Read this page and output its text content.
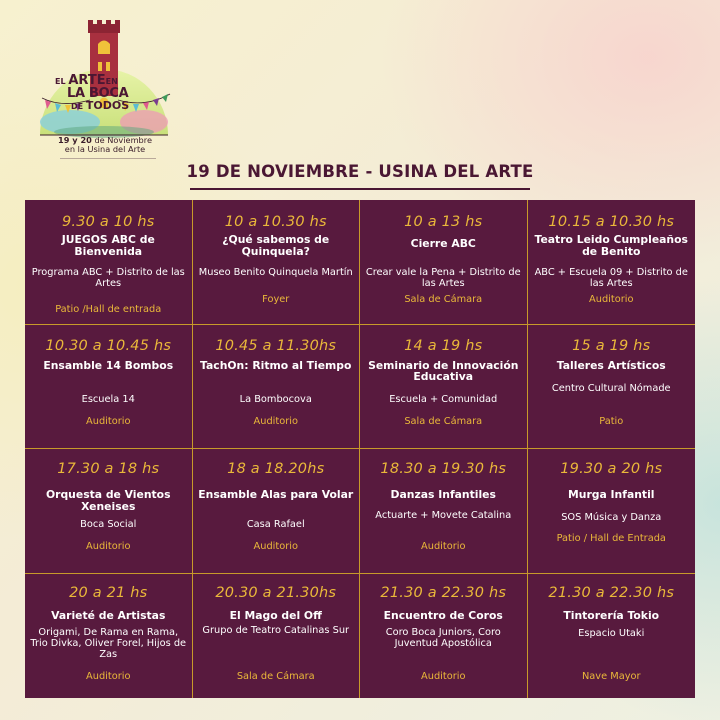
EL ARTEEN
LA BOCA
DE TODOS
19 y 20 de Noviembre
en la Usina del Arte
19 DE NOVIEMBRE - USINA DEL ARTE
9.30 a 10 hs
JUEGOS ABC de Bienvenida
Programa ABC + Distrito de las Artes
Patio /Hall de entrada
10 a 10.30 hs
¿Qué sabemos de Quinquela?
Museo Benito Quinquela Martín
Foyer
10 a 13 hs
Cierre ABC
Crear vale la Pena + Distrito de las Artes
Sala de Cámara
10.15 a 10.30 hs
Teatro Leido Cumpleaños de Benito
ABC + Escuela 09 + Distrito de las Artes
Auditorio
10.30 a 10.45 hs
Ensamble 14 Bombos
Escuela 14
Auditorio
10.45 a 11.30hs
TachOn: Ritmo al Tiempo
La Bombocova
Auditorio
14 a 19 hs
Seminario de Innovación Educativa
Escuela + Comunidad
Sala de Cámara
15 a 19 hs
Talleres Artísticos
Centro Cultural Nómade
Patio
17.30 a 18 hs
Orquesta de Vientos Xeneises
Boca Social
Auditorio
18 a 18.20hs
Ensamble Alas para Volar
Casa Rafael
Auditorio
18.30 a 19.30 hs
Danzas Infantiles
Actuarte + Movete Catalina
Auditorio
19.30 a 20 hs
Murga Infantil
SOS Música y Danza
Patio / Hall de Entrada
20 a 21 hs
Varieté de Artistas
Origami, De Rama en Rama, Trio Divka, Oliver Forel, Hijos de Zas
Auditorio
20.30 a 21.30hs
El Mago del Off
Grupo de Teatro Catalinas Sur
Sala de Cámara
21.30 a 22.30 hs
Encuentro de Coros
Coro Boca Juniors, Coro Juventud Apostólica
Auditorio
21.30 a 22.30 hs
Tintorería Tokio
Espacio Utaki
Nave Mayor
